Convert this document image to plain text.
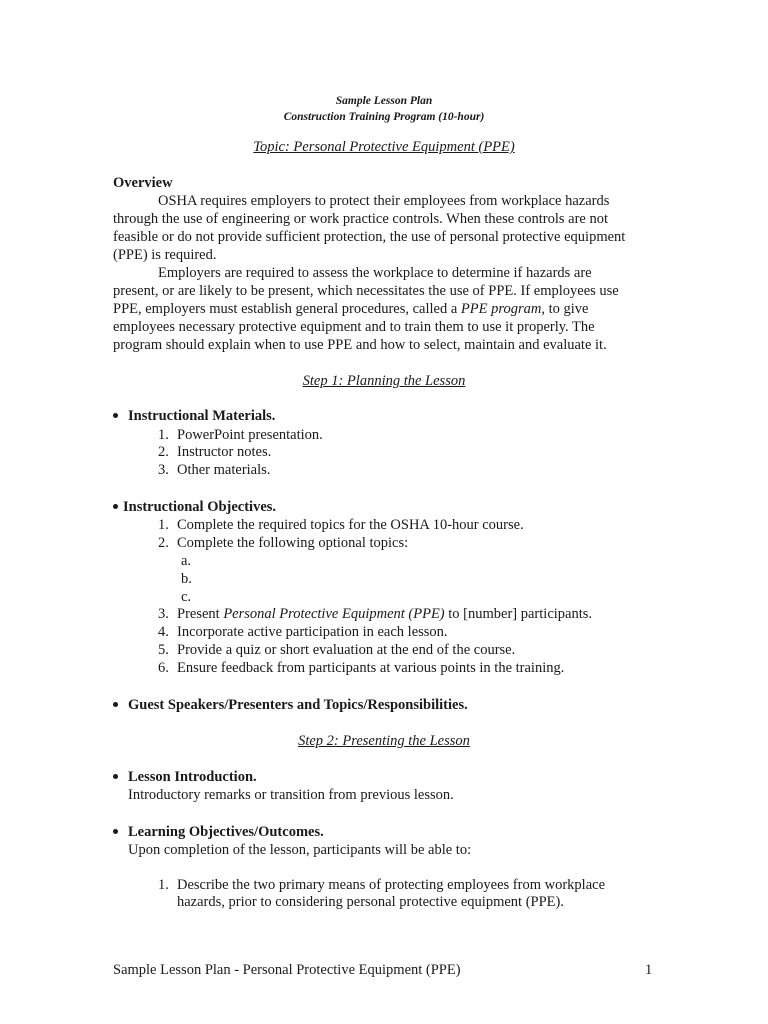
Sample Lesson Plan
Construction Training Program (10-hour)
Topic: Personal Protective Equipment (PPE)
Overview
OSHA requires employers to protect their employees from workplace hazards
through the use of engineering or work practice controls. When these controls are not
feasible or do not provide sufficient protection, the use of personal protective equipment
(PPE) is required.
Employers are required to assess the workplace to determine if hazards are
present, or are likely to be present, which necessitates the use of PPE. If employees use
PPE, employers must establish general procedures, called a PPE program, to give
employees necessary protective equipment and to train them to use it properly. The
program should explain when to use PPE and how to select, maintain and evaluate it.
Step 1: Planning the Lesson
Instructional Materials.
1. PowerPoint presentation.
2. Instructor notes.
3. Other materials.
Instructional Objectives.
1. Complete the required topics for the OSHA 10-hour course.
2. Complete the following optional topics:
a.
b.
c.
3. Present Personal Protective Equipment (PPE) to [number] participants.
4. Incorporate active participation in each lesson.
5. Provide a quiz or short evaluation at the end of the course.
6. Ensure feedback from participants at various points in the training.
Guest Speakers/Presenters and Topics/Responsibilities.
Step 2: Presenting the Lesson
Lesson Introduction.
Introductory remarks or transition from previous lesson.
Learning Objectives/Outcomes.
Upon completion of the lesson, participants will be able to:
1. Describe the two primary means of protecting employees from workplace
hazards, prior to considering personal protective equipment (PPE).
Sample Lesson Plan - Personal Protective Equipment (PPE)	1
